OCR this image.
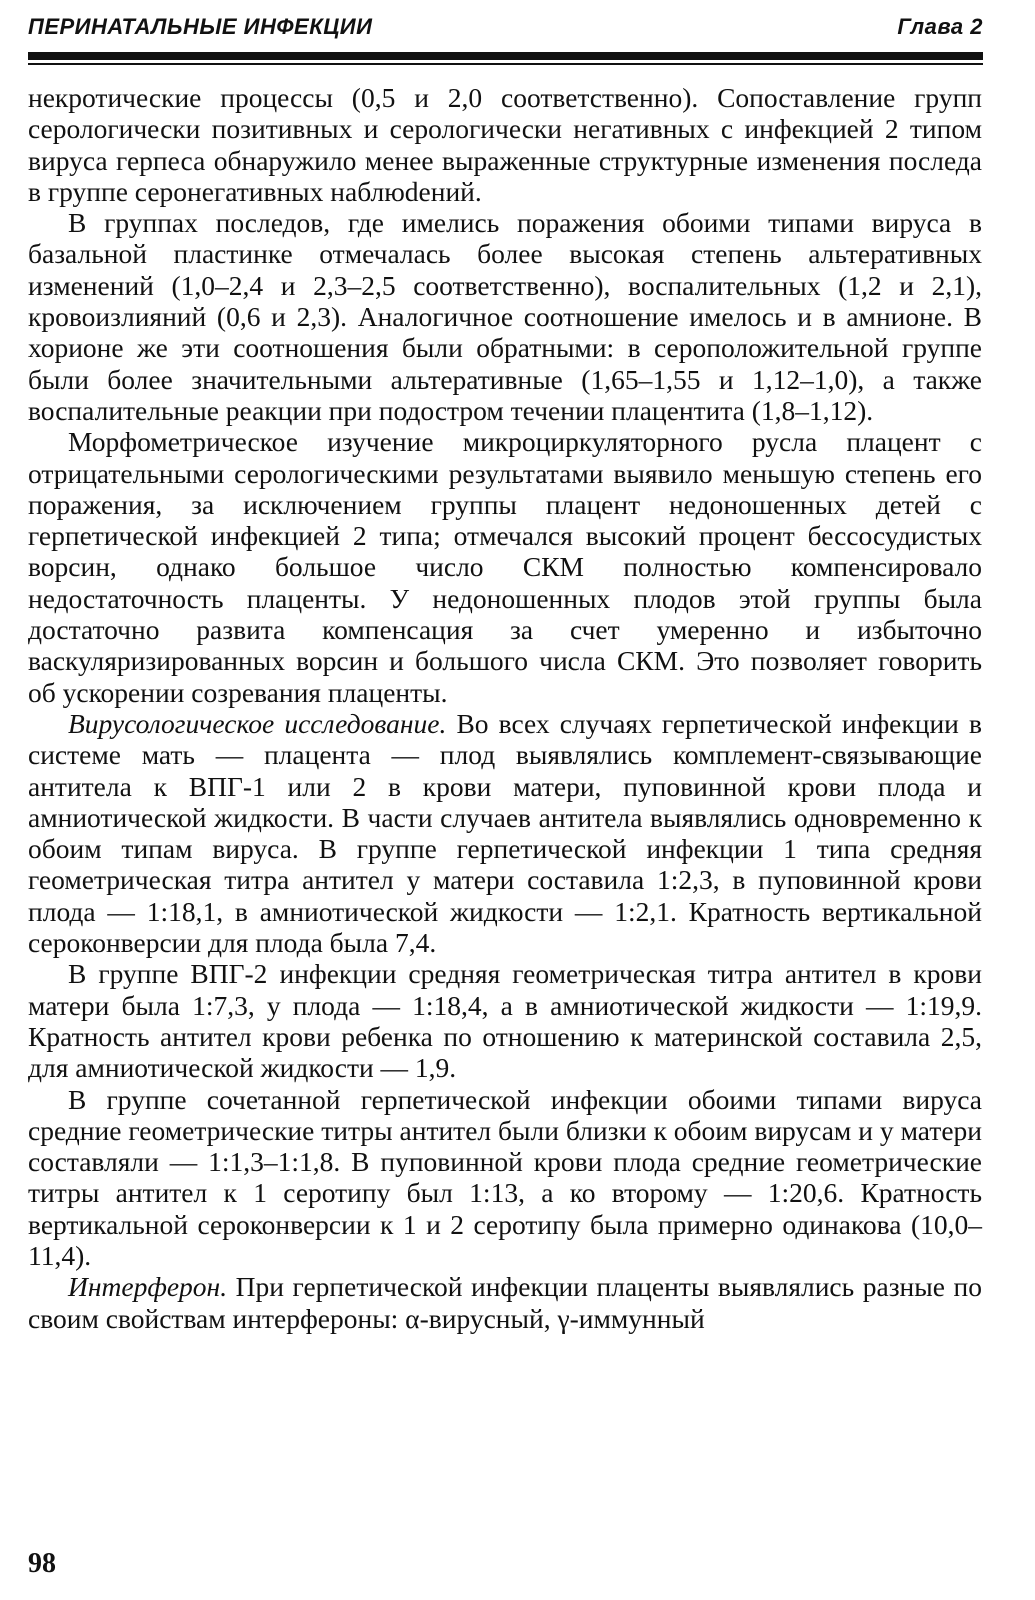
ПЕРИНАТАЛЬНЫЕ ИНФЕКЦИИ	Глава 2

некротические процессы (0,5 и 2,0 соответственно). Сопоставление групп серологически позитивных и серологически негативных с инфекцией 2 типом вируса герпеса обнаружило менее выраженные структурные изменения последа в группе серонегативных наблюdений.

В группах последов, где имелись поражения обоими типами вируса в базальной пластинке отмечалась более высокая степень альтеративных изменений (1,0–2,4 и 2,3–2,5 соответственно), воспалительных (1,2 и 2,1), кровоизлияний (0,6 и 2,3). Аналогичное соотношение имелось и в амнионе. В хорионе же эти соотношения были обратными: в сероположительной группе были более значительными альтеративные (1,65–1,55 и 1,12–1,0), а также воспалительные реакции при подостром течении плацентита (1,8–1,12).

Морфометрическое изучение микроциркуляторного русла плацент с отрицательными серологическими результатами выявило меньшую степень его поражения, за исключением группы плацент недоношенных детей с герпетической инфекцией 2 типа; отмечался высокий процент бессосудистых ворсин, однако большое число СКМ полностью компенсировало недостаточность плаценты. У недоношенных плодов этой группы была достаточно развита компенсация за счет умеренно и избыточно васкуляризированных ворсин и большого числа СКМ. Это позволяет говорить об ускорении созревания плаценты.

Вирусологическое исследование. Во всех случаях герпетической инфекции в системе мать — плацента — плод выявлялись комплемент-связывающие антитела к ВПГ-1 или 2 в крови матери, пуповинной крови плода и амниотической жидкости. В части случаев антитела выявлялись одновременно к обоим типам вируса. В группе герпетической инфекции 1 типа средняя геометрическая титра антител у матери составила 1:2,3, в пуповинной крови плода — 1:18,1, в амниотической жидкости — 1:2,1. Кратность вертикальной сероконверсии для плода была 7,4.

В группе ВПГ-2 инфекции средняя геометрическая титра антител в крови матери была 1:7,3, у плода — 1:18,4, а в амниотической жидкости — 1:19,9. Кратность антител крови ребенка по отношению к материнской составила 2,5, для амниотической жидкости — 1,9.

В группе сочетанной герпетической инфекции обоими типами вируса средние геометрические титры антител были близки к обоим вирусам и у матери составляли — 1:1,3–1:1,8. В пуповинной крови плода средние геометрические титры антител к 1 серотипу был 1:13, а ко второму — 1:20,6. Кратность вертикальной сероконверсии к 1 и 2 серотипу была примерно одинакова (10,0–11,4).

Интерферон. При герпетической инфекции плаценты выявлялись разные по своим свойствам интерфероны: α-вирусный, γ-иммунный

98
